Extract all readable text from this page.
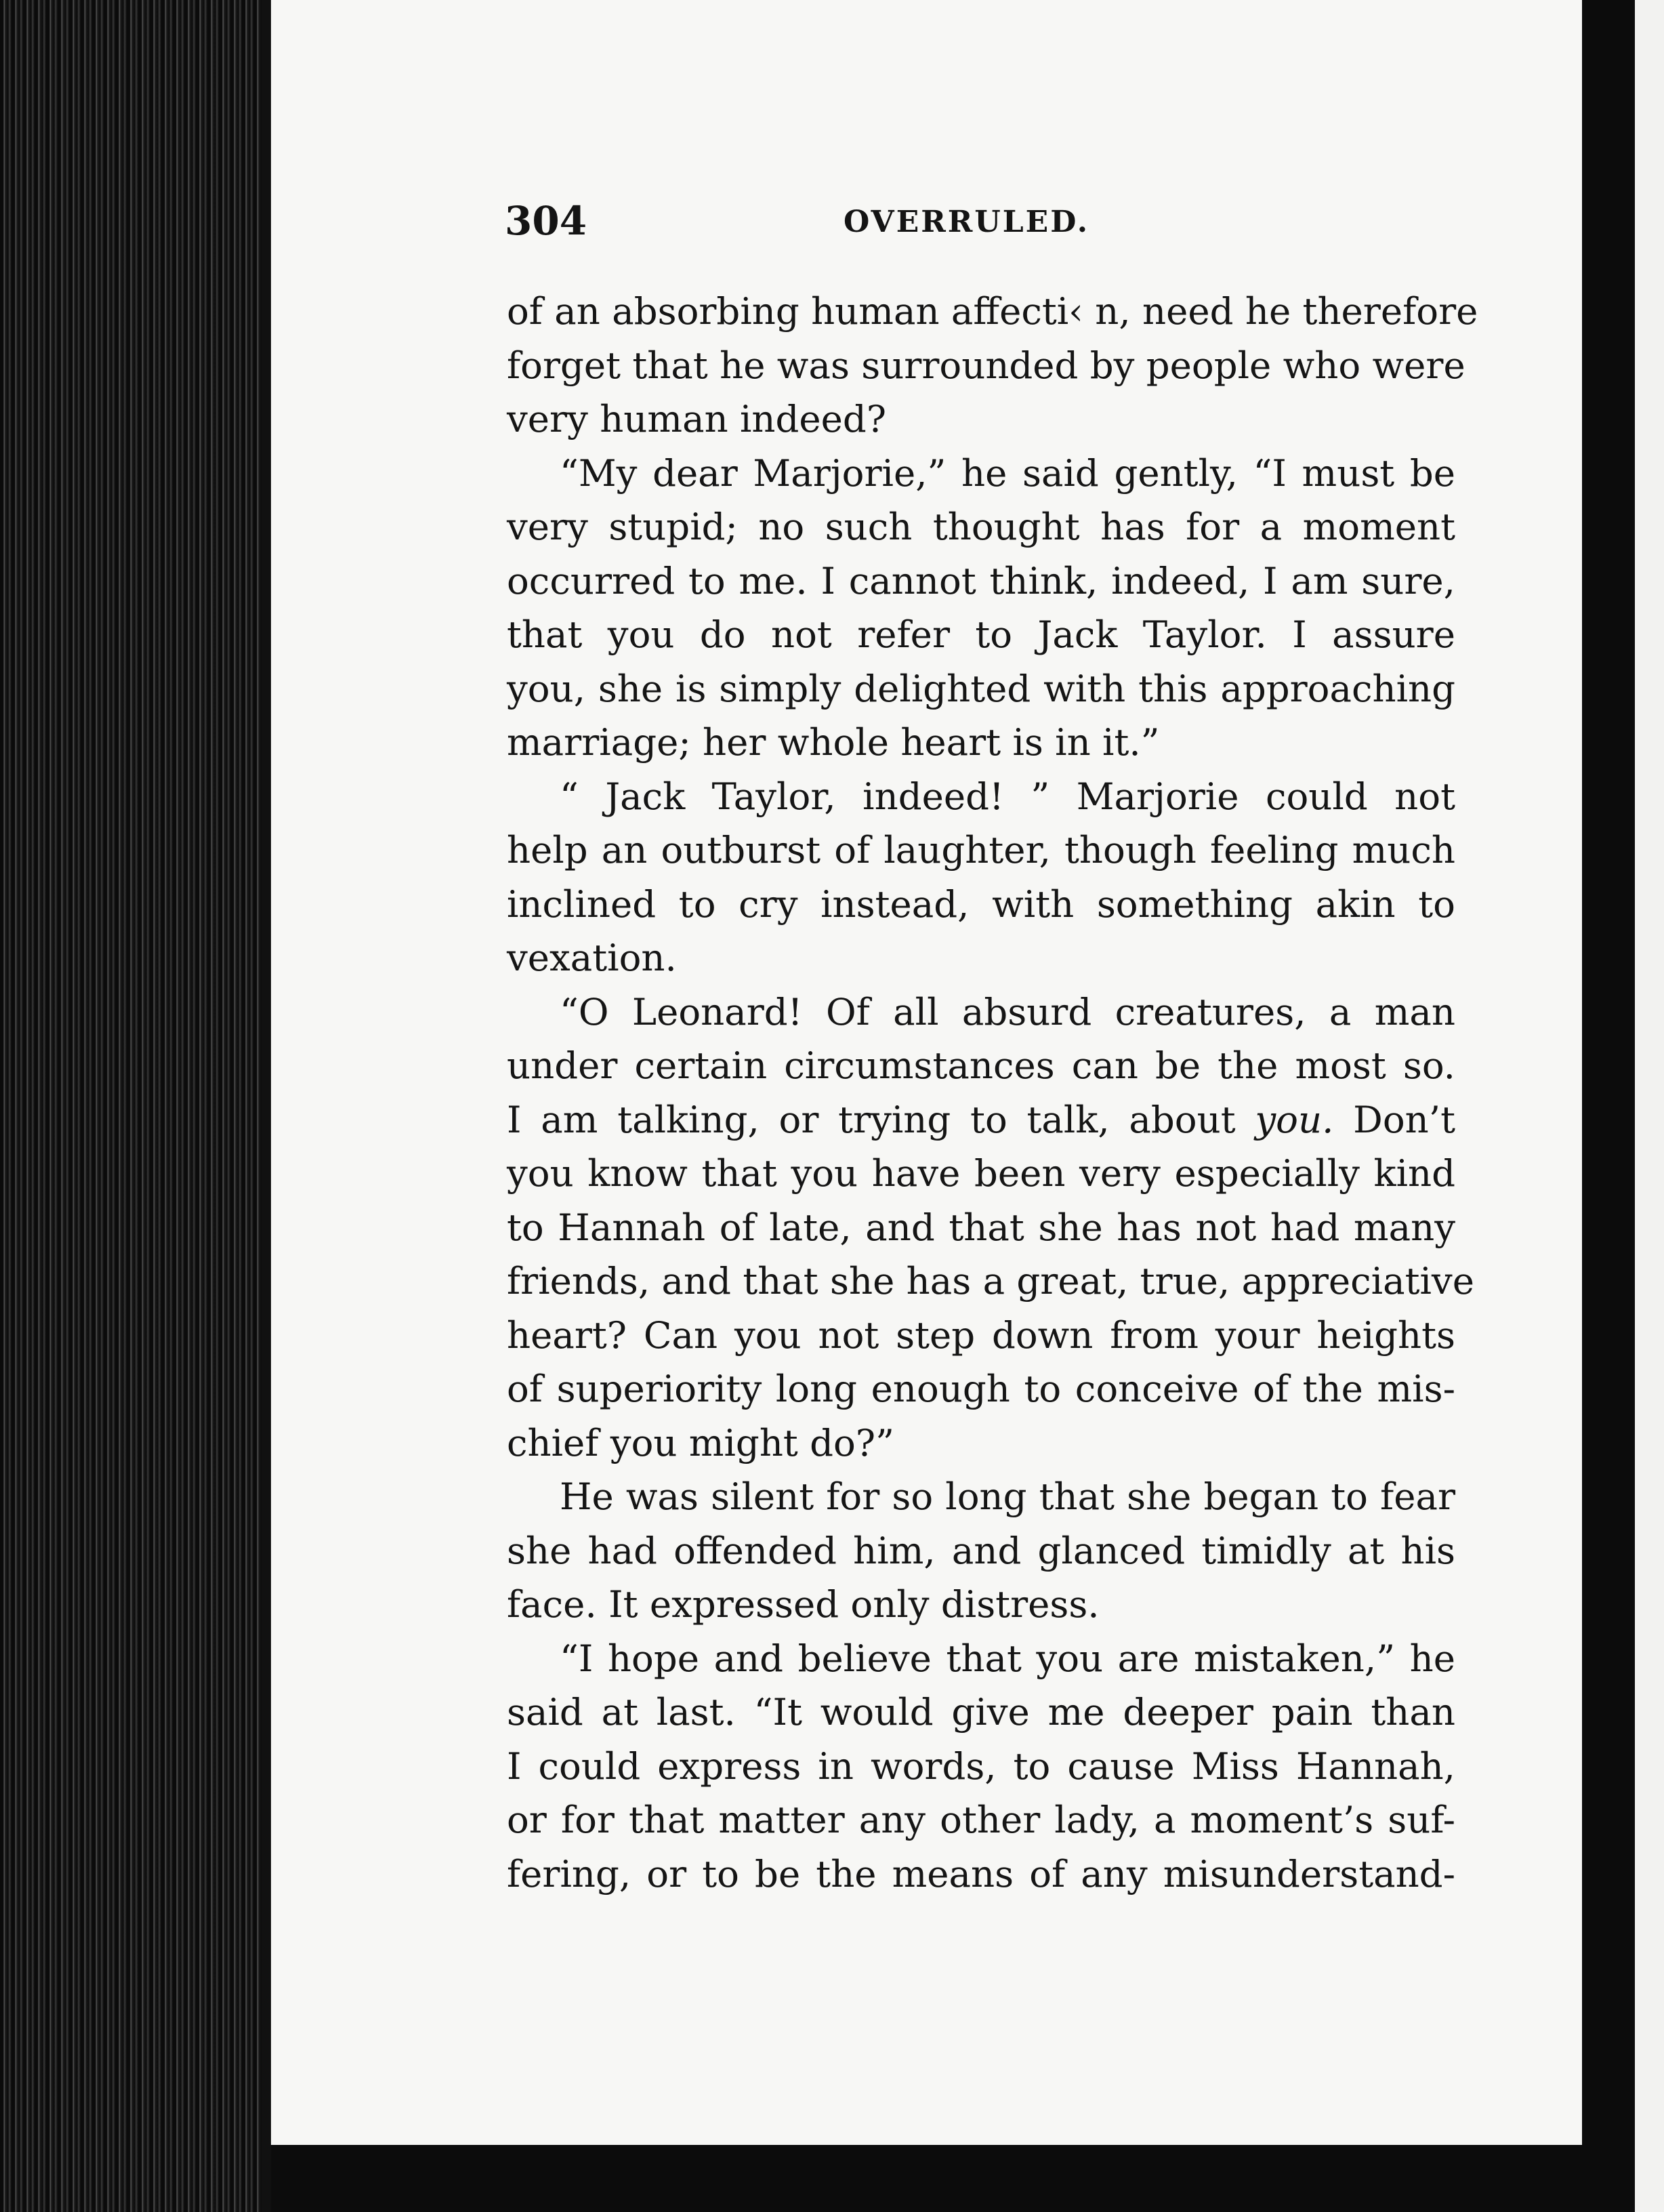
304	OVERRULED.
of an absorbing human affecti‹ n, need he therefore
forget that he was surrounded by people who were
very human indeed?
“My dear Marjorie,” he said gently, “I must be
very stupid; no such thought has for a moment
occurred to me. I cannot think, indeed, I am sure,
that you do not refer to Jack Taylor. I assure
you, she is simply delighted with this approaching
marriage; her whole heart is in it.”
“ Jack Taylor, indeed! ” Marjorie could not
help an outburst of laughter, though feeling much
inclined to cry instead, with something akin to
vexation.
“O Leonard! Of all absurd creatures, a man
under certain circumstances can be the most so.
I am talking, or trying to talk, about you. Don’t
you know that you have been very especially kind
to Hannah of late, and that she has not had many
friends, and that she has a great, true, appreciative
heart? Can you not step down from your heights
of superiority long enough to conceive of the mis-
chief you might do?”
He was silent for so long that she began to fear
she had offended him, and glanced timidly at his
face. It expressed only distress.
“I hope and believe that you are mistaken,” he
said at last. “It would give me deeper pain than
I could express in words, to cause Miss Hannah,
or for that matter any other lady, a moment’s suf-
fering, or to be the means of any misunderstand-
